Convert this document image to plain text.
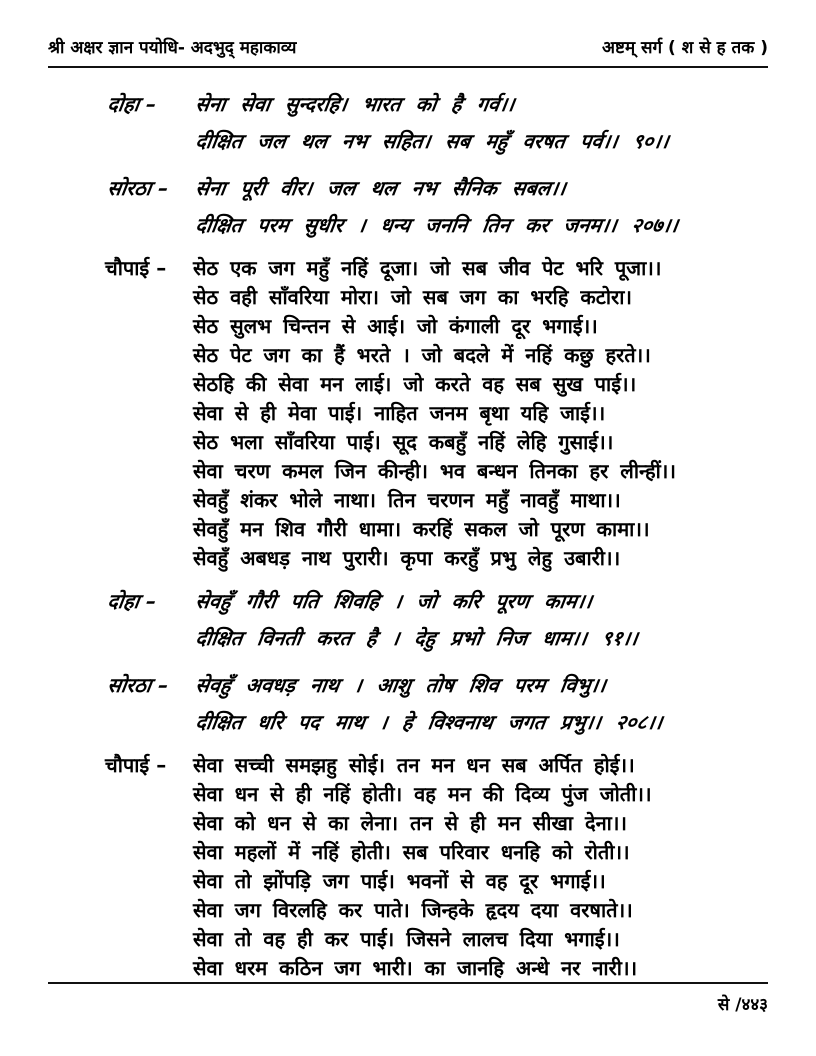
श्री अक्षर ज्ञान पयोधि- अदभुद् महाकाव्य	अष्टम् सर्ग ( श से ह तक )
दोहा –	सेना सेवा सुन्दरहि। भारत को है गर्व।।
दीक्षित जल थल नभ सहित। सब महुँ वरषत पर्व।। ९०।।
सोरठा –	सेना पूरी वीर। जल थल नभ सैनिक सबल।।
दीक्षित परम सुधीर । धन्य जननि तिन कर जनम।। २०७।।
चौपाई –	सेठ एक जग महुँ नहिं दूजा। जो सब जीव पेट भरि पूजा।।
सेठ वही साँवरिया मोरा। जो सब जग का भरहि कटोरा।
सेठ सुलभ चिन्तन से आई। जो कंगाली दूर भगाई।।
सेठ पेट जग का हैं भरते । जो बदले में नहिं कछु हरते।।
सेठहि की सेवा मन लाई। जो करते वह सब सुख पाई।।
सेवा से ही मेवा पाई। नाहित जनम बृथा यहि जाई।।
सेठ भला साँवरिया पाई। सूद कबहुँ नहिं लेहि गुसाई।।
सेवा चरण कमल जिन कीन्ही। भव बन्धन तिनका हर लीन्हीं।।
सेवहुँ शंकर भोले नाथा। तिन चरणन महुँ नावहुँ माथा।।
सेवहुँ मन शिव गौरी धामा। करहिं सकल जो पूरण कामा।।
सेवहुँ अबधड़ नाथ पुरारी। कृपा करहुँ प्रभु लेहु उबारी।।
दोहा –	सेवहुँ गौरी पति शिवहि । जो करि पूरण काम।।
दीक्षित विनती करत है । देहु प्रभो निज धाम।। ९१।।
सोरठा –	सेवहुँ अवधड़ नाथ । आशु तोष शिव परम विभु।।
दीक्षित धरि पद माथ । हे विश्वनाथ जगत प्रभु।। २०८।।
चौपाई –	सेवा सच्ची समझहु सोई। तन मन धन सब अर्पित होई।।
सेवा धन से ही नहिं होती। वह मन की दिव्य पुंज जोती।।
सेवा को धन से का लेना। तन से ही मन सीखा देना।।
सेवा महलों में नहिं होती। सब परिवार धनहि को रोती।।
सेवा तो झोंपड़ि जग पाई। भवनों से वह दूर भगाई।।
सेवा जग विरलहि कर पाते। जिन्हके हृदय दया वरषाते।।
सेवा तो वह ही कर पाई। जिसने लालच दिया भगाई।।
सेवा धरम कठिन जग भारी। का जानहि अन्धे नर नारी।।
से /४४३
